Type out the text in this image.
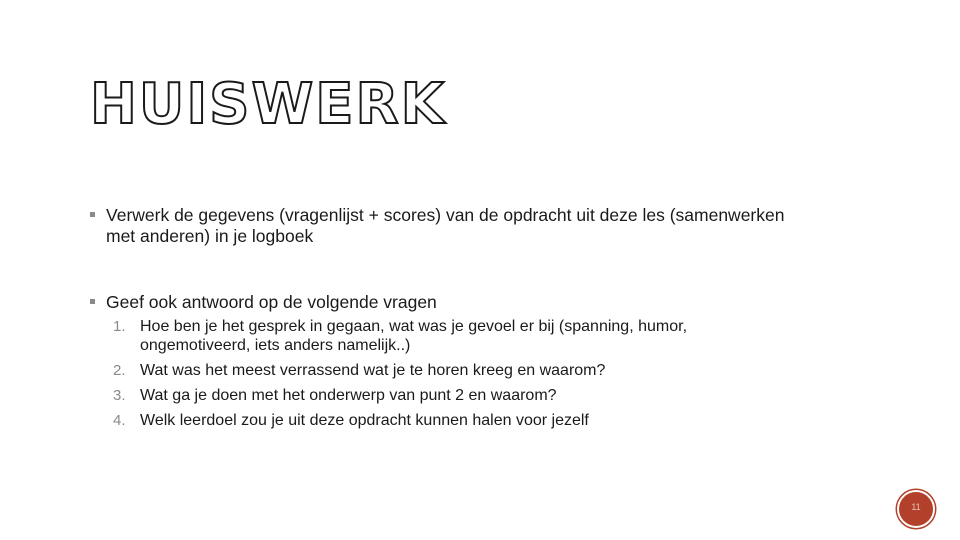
HUISWERK
Verwerk de gegevens (vragenlijst + scores) van de opdracht uit deze les (samenwerken met anderen) in je logboek
Geef ook antwoord op de volgende vragen
1. Hoe ben je het gesprek in gegaan, wat was je gevoel er bij (spanning, humor, ongemotiveerd, iets anders namelijk..)
2. Wat was het meest verrassend wat je te horen kreeg en waarom?
3. Wat ga je doen met het onderwerp van punt 2 en waarom?
4. Welk leerdoel zou je uit deze opdracht kunnen halen voor jezelf
11
